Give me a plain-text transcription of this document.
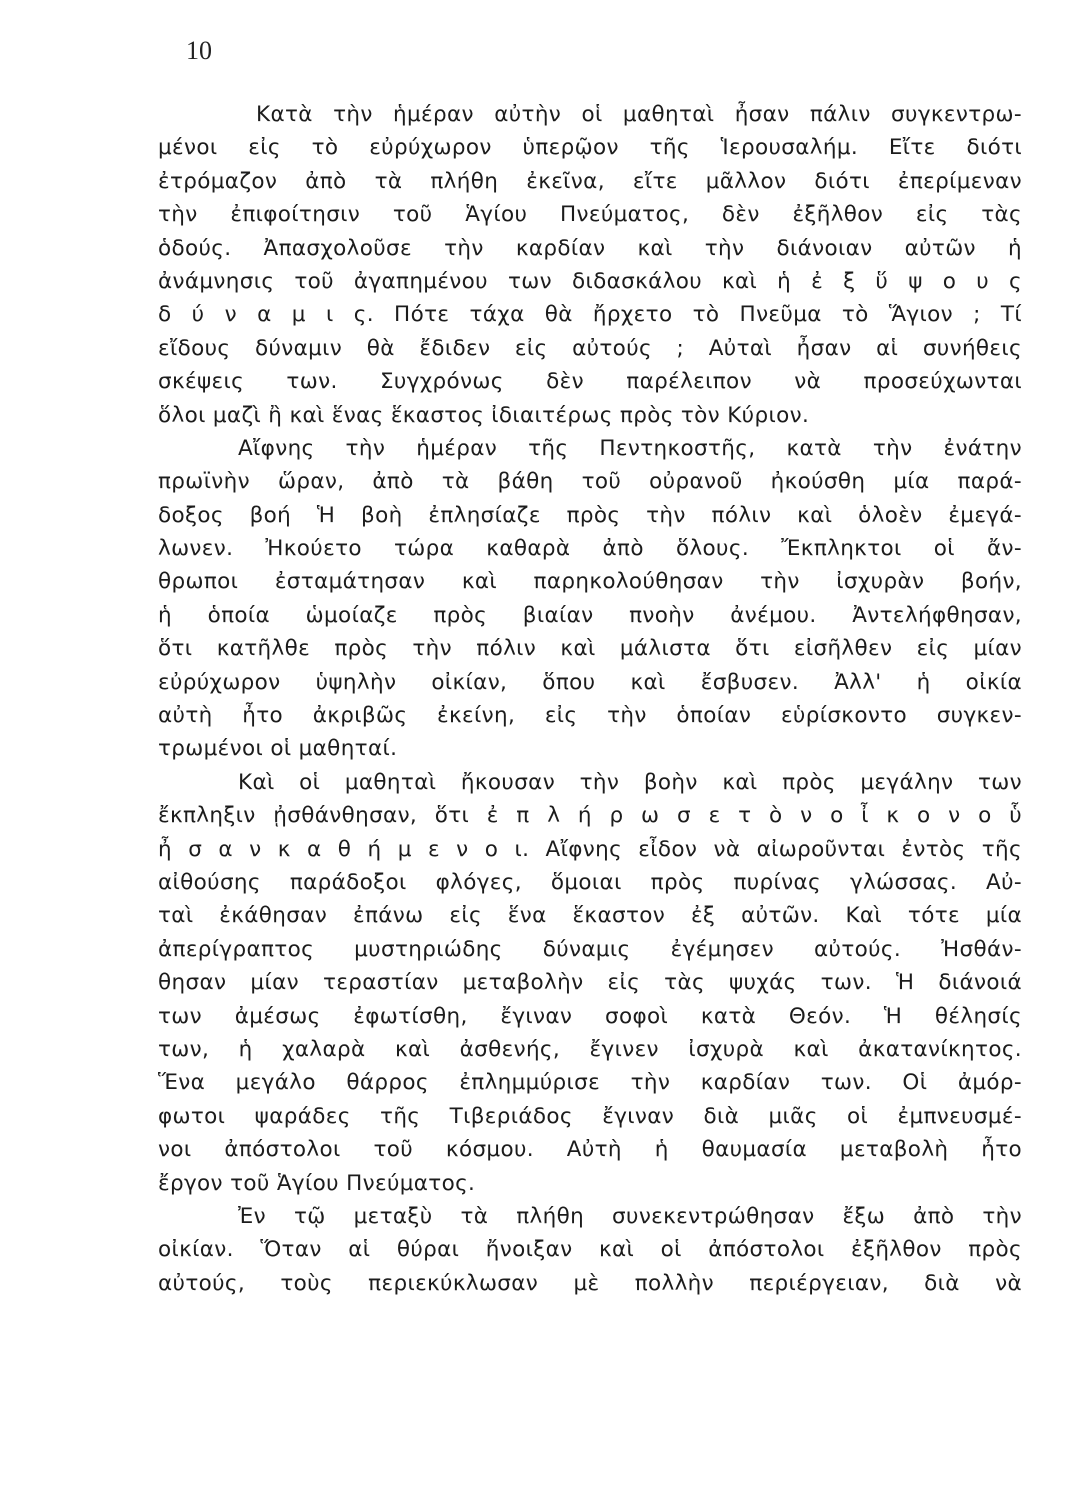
10
Κατὰ τὴν ἡμέραν αὐτὴν οἱ μαθηταὶ ἦσαν πάλιν συγκεντρω-
μένοι εἰς τὸ εὐρύχωρον ὑπερῷον τῆς Ἱερουσαλήμ. Εἴτε διότι
ἐτρόμαζον ἀπὸ τὰ πλήθη ἐκεῖνα, εἴτε μᾶλλον διότι ἐπερίμεναν
τὴν ἐπιφοίτησιν τοῦ Ἁγίου Πνεύματος, δὲν ἐξῆλθον εἰς τὰς
ὁδούς. Ἀπασχολοῦσε τὴν καρδίαν καὶ τὴν διάνοιαν αὐτῶν ἡ
ἀνάμνησις τοῦ ἀγαπημένου των διδασκάλου καὶ ἡ ἐ ξ ὕ ψ ο υ ς
δ ύ ν α μ ι ς. Πότε τάχα θὰ ἤρχετο τὸ Πνεῦμα τὸ Ἅγιον ; Τί
εἴδους δύναμιν θὰ ἔδιδεν εἰς αὐτούς ; Αὐταὶ ἦσαν αἱ συνήθεις
σκέψεις των. Συγχρόνως δὲν παρέλειπον νὰ προσεύχωνται
ὅλοι μαζὶ ἢ καὶ ἕνας ἕκαστος ἰδιαιτέρως πρὸς τὸν Κύριον.
Αἴφνης τὴν ἡμέραν τῆς Πεντηκοστῆς, κατὰ τὴν ἐνάτην
πρωϊνὴν ὥραν, ἀπὸ τὰ βάθη τοῦ οὐρανοῦ ἠκούσθη μία παρά-
δοξος βοή Ἡ βοὴ ἐπλησίαζε πρὸς τὴν πόλιν καὶ ὁλοὲν ἐμεγά-
λωνεν. Ἠκούετο τώρα καθαρὰ ἀπὸ ὅλους. Ἔκπληκτοι οἱ ἄν-
θρωποι ἐσταμάτησαν καὶ παρηκολούθησαν τὴν ἰσχυρὰν βοήν,
ἡ ὁποία ὡμοίαζε πρὸς βιαίαν πνοὴν ἀνέμου. Ἀντελήφθησαν,
ὅτι κατῆλθε πρὸς τὴν πόλιν καὶ μάλιστα ὅτι εἰσῆλθεν εἰς μίαν
εὐρύχωρον ὑψηλὴν οἰκίαν, ὅπου καὶ ἔσβυσεν. Ἀλλ' ἡ οἰκία
αὐτὴ ἦτο ἀκριβῶς ἐκείνη, εἰς τὴν ὁποίαν εὑρίσκοντο συγκεν-
τρωμένοι οἱ μαθηταί.
Καὶ οἱ μαθηταὶ ἤκουσαν τὴν βοὴν καὶ πρὸς μεγάλην των
ἔκπληξιν ᾐσθάνθησαν, ὅτι ἐ π λ ή ρ ω σ ε τ ὸ ν ο ἶ κ ο ν ο ὗ
ἦ σ α ν κ α θ ή μ ε ν ο ι. Αἴφνης εἶδον νὰ αἰωροῦνται ἐντὸς τῆς
αἰθούσης παράδοξοι φλόγες, ὅμοιαι πρὸς πυρίνας γλώσσας. Αὐ-
ταὶ ἐκάθησαν ἐπάνω εἰς ἕνα ἕκαστον ἐξ αὐτῶν. Καὶ τότε μία
ἀπερίγραπτος μυστηριώδης δύναμις ἐγέμησεν αὐτούς. Ἠσθάν-
θησαν μίαν τεραστίαν μεταβολὴν εἰς τὰς ψυχάς των. Ἡ διάνοιά
των ἀμέσως ἐφωτίσθη, ἔγιναν σοφοὶ κατὰ Θεόν. Ἡ θέλησίς
των, ἡ χαλαρὰ καὶ ἀσθενής, ἔγινεν ἰσχυρὰ καὶ ἀκατανίκητος.
Ἕνα μεγάλο θάρρος ἐπλημμύρισε τὴν καρδίαν των. Οἱ ἀμόρ-
φωτοι ψαράδες τῆς Τιβεριάδος ἔγιναν διὰ μιᾶς οἱ ἐμπνευσμέ-
νοι ἀπόστολοι τοῦ κόσμου. Αὐτὴ ἡ θαυμασία μεταβολὴ ἦτο
ἔργον τοῦ Ἁγίου Πνεύματος.
Ἐν τῷ μεταξὺ τὰ πλήθη συνεκεντρώθησαν ἔξω ἀπὸ τὴν
οἰκίαν. Ὅταν αἱ θύραι ἤνοιξαν καὶ οἱ ἀπόστολοι ἐξῆλθον πρὸς
αὐτούς, τοὺς περιεκύκλωσαν μὲ πολλὴν περιέργειαν, διὰ νὰ
